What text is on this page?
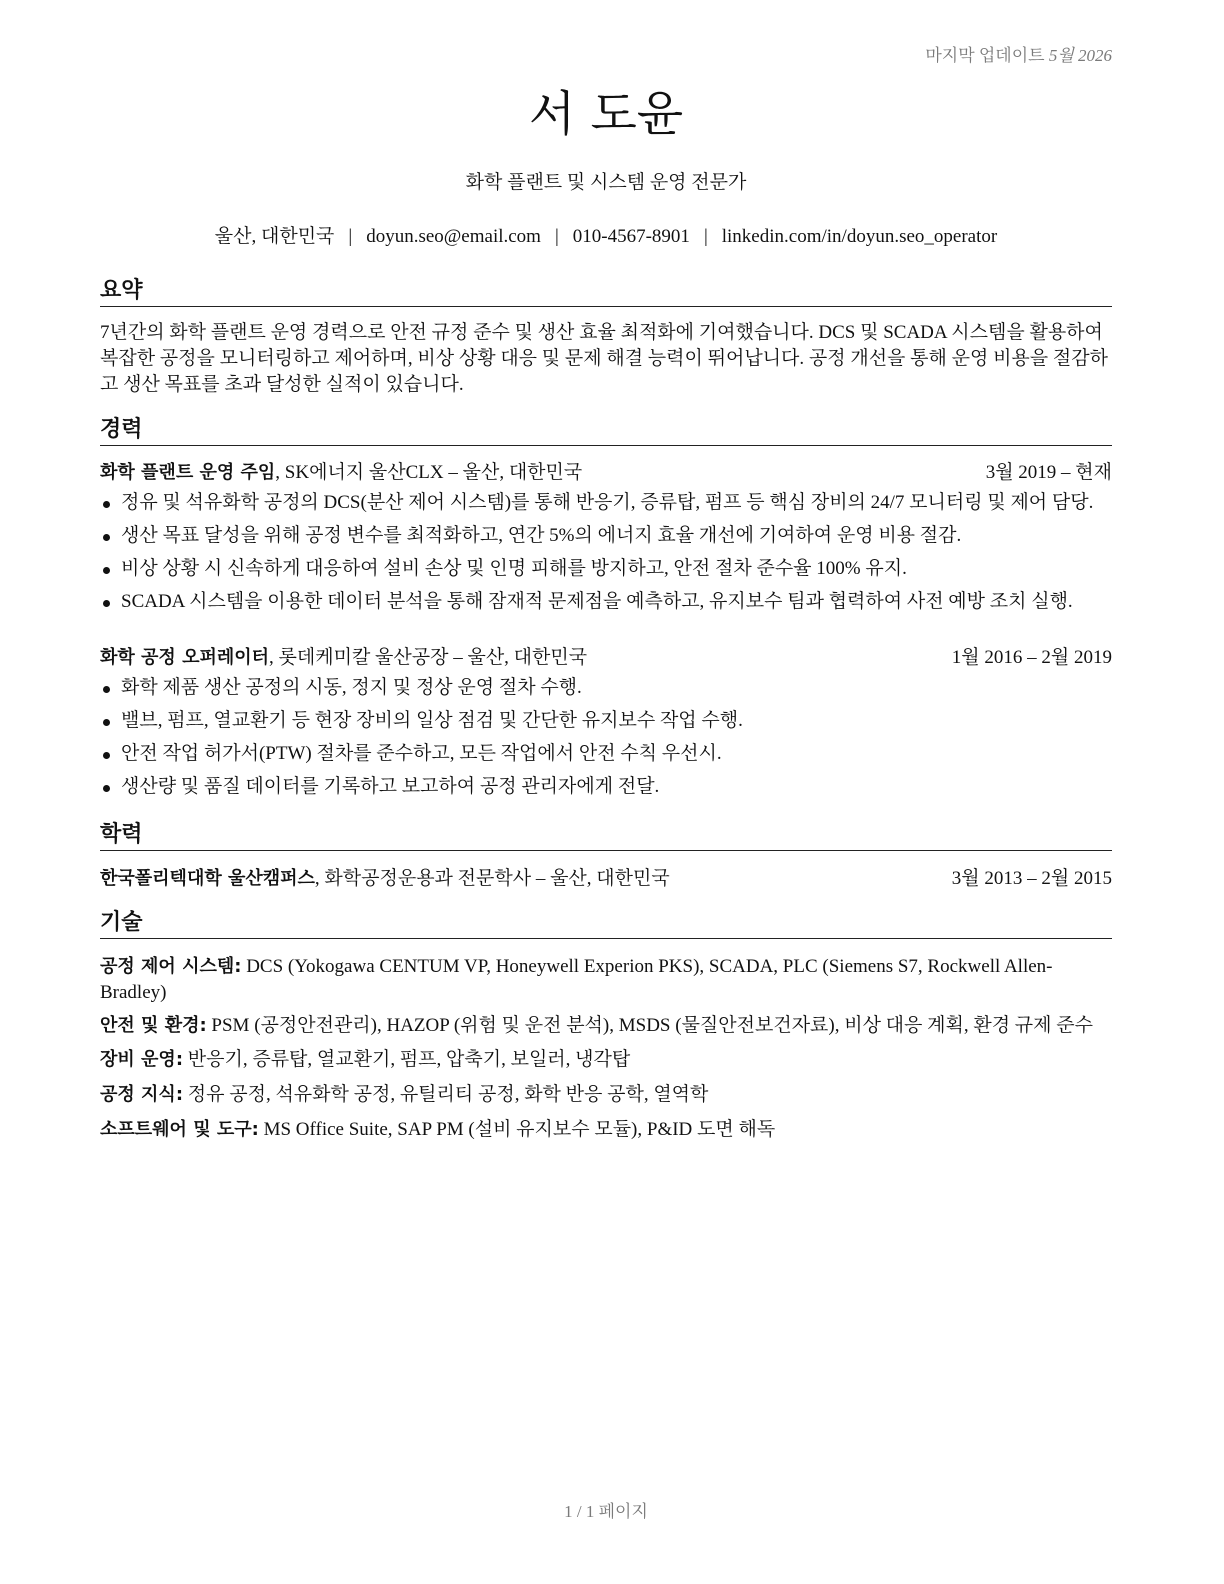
마지막 업데이트 5월 2026
서 도윤
화학 플랜트 및 시스템 운영 전문가
울산, 대한민국 | doyun.seo@email.com | 010-4567-8901 | linkedin.com/in/doyun.seo_operator
요약

7년간의 화학 플랜트 운영 경력으로 안전 규정 준수 및 생산 효율 최적화에 기여했습니다. DCS 및 SCADA 시스템을 활용하여 복잡한 공정을 모니터링하고 제어하며, 비상 상황 대응 및 문제 해결 능력이 뛰어납니다. 공정 개선을 통해 운영 비용을 절감하고 생산 목표를 초과 달성한 실적이 있습니다.

경력
화학 플랜트 운영 주임, SK에너지 울산CLX – 울산, 대한민국	3월 2019 – 현재
정유 및 석유화학 공정의 DCS(분산 제어 시스템)를 통해 반응기, 증류탑, 펌프 등 핵심 장비의 24/7 모니터링 및 제어 담당.
생산 목표 달성을 위해 공정 변수를 최적화하고, 연간 5%의 에너지 효율 개선에 기여하여 운영 비용 절감.
비상 상황 시 신속하게 대응하여 설비 손상 및 인명 피해를 방지하고, 안전 절차 준수율 100% 유지.
SCADA 시스템을 이용한 데이터 분석을 통해 잠재적 문제점을 예측하고, 유지보수 팀과 협력하여 사전 예방 조치 실행.
화학 공정 오퍼레이터, 롯데케미칼 울산공장 – 울산, 대한민국	1월 2016 – 2월 2019
화학 제품 생산 공정의 시동, 정지 및 정상 운영 절차 수행.
밸브, 펌프, 열교환기 등 현장 장비의 일상 점검 및 간단한 유지보수 작업 수행.
안전 작업 허가서(PTW) 절차를 준수하고, 모든 작업에서 안전 수칙 우선시.
생산량 및 품질 데이터를 기록하고 보고하여 공정 관리자에게 전달.
학력
한국폴리텍대학 울산캠퍼스, 화학공정운용과 전문학사 – 울산, 대한민국	3월 2013 – 2월 2015
기술
공정 제어 시스템: DCS (Yokogawa CENTUM VP, Honeywell Experion PKS), SCADA, PLC (Siemens S7, Rockwell Allen-Bradley)
안전 및 환경: PSM (공정안전관리), HAZOP (위험 및 운전 분석), MSDS (물질안전보건자료), 비상 대응 계획, 환경 규제 준수
장비 운영: 반응기, 증류탑, 열교환기, 펌프, 압축기, 보일러, 냉각탑
공정 지식: 정유 공정, 석유화학 공정, 유틸리티 공정, 화학 반응 공학, 열역학
소프트웨어 및 도구: MS Office Suite, SAP PM (설비 유지보수 모듈), P&ID 도면 해독
1 / 1 페이지
